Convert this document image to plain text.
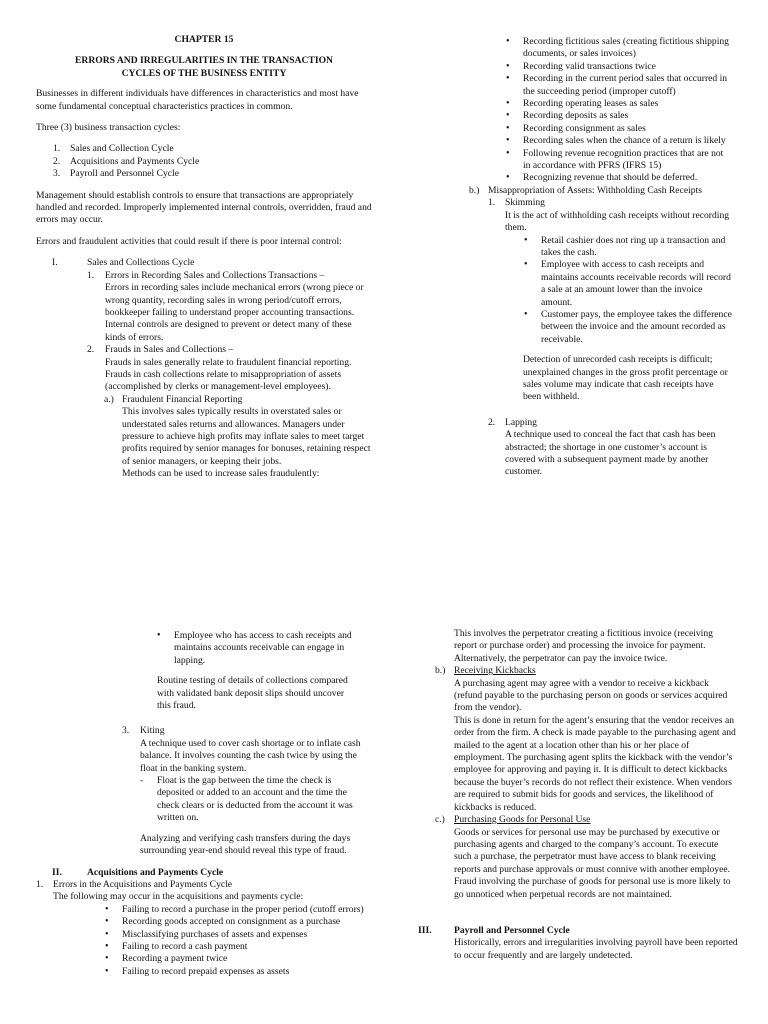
CHAPTER 15

ERRORS AND IRREGULARITIES IN THE TRANSACTION
CYCLES OF THE BUSINESS ENTITY

Businesses in different individuals have differences in characteristics and most have some fundamental conceptual characteristics practices in common.

Three (3) business transaction cycles:

1. Sales and Collection Cycle
2. Acquisitions and Payments Cycle
3. Payroll and Personnel Cycle

Management should establish controls to ensure that transactions are appropriately handled and recorded. Improperly implemented internal controls, overridden, fraud and errors may occur.

Errors and fraudulent activities that could result if there is poor internal control:

I.	Sales and Collections Cycle
1. Errors in Recording Sales and Collections Transactions –

Errors in recording sales include mechanical errors (wrong piece or wrong quantity, recording sales in wrong period/cutoff errors, bookkeeper failing to understand proper accounting transactions. Internal controls are designed to prevent or detect many of these kinds of errors.

2. Frauds in Sales and Collections –

Frauds in sales generally relate to fraudulent financial reporting. Frauds in cash collections relate to misappropriation of assets (accomplished by clerks or management-level employees).

a.) Fraudulent Financial Reporting

This involves sales typically results in overstated sales or understated sales returns and allowances. Managers under pressure to achieve high profits may inflate sales to meet target profits required by senior manages for bonuses, retaining respect of senior managers, or keeping their jobs.

Methods can be used to increase sales fraudulently:

• Recording fictitious sales (creating fictitious shipping documents, or sales invoices)
• Recording valid transactions twice
• Recording in the current period sales that occurred in the succeeding period (improper cutoff)
• Recording operating leases as sales
• Recording deposits as sales
• Recording consignment as sales
• Recording sales when the chance of a return is likely
• Following revenue recognition practices that are not in accordance with PFRS (IFRS 15)
• Recognizing revenue that should be deferred.
b.) Misappropriation of Assets: Withholding Cash Receipts

1. Skimming

It is the act of withholding cash receipts without recording them.

• Retail cashier does not ring up a transaction and takes the cash.
• Employee with access to cash receipts and maintains accounts receivable records will record a sale at an amount lower than the invoice amount.
• Customer pays, the employee takes the difference between the invoice and the amount recorded as receivable.

Detection of unrecorded cash receipts is difficult; unexplained changes in the gross profit percentage or sales volume may indicate that cash receipts have been withheld.

2. Lapping

A technique used to conceal the fact that cash has been abstracted; the shortage in one customer’s account is covered with a subsequent payment made by another customer.

• Employee who has access to cash receipts and maintains accounts receivable can engage in lapping.

Routine testing of details of collections compared with validated bank deposit slips should uncover this fraud.

3. Kiting

A technique used to cover cash shortage or to inflate cash balance. It involves counting the cash twice by using the float in the banking system.

- Float is the gap between the time the check is deposited or added to an account and the time the check clears or is deducted from the account it was written on.

Analyzing and verifying cash transfers during the days surrounding year-end should reveal this type of fraud.

II.	Acquisitions and Payments Cycle
1. Errors in the Acquisitions and Payments Cycle

The following may occur in the acquisitions and payments cycle:

• Failing to record a purchase in the proper period (cutoff errors)
• Recording goods accepted on consignment as a purchase
• Misclassifying purchases of assets and expenses
• Failing to record a cash payment
• Recording a payment twice
• Failing to record prepaid expenses as assets

This involves the perpetrator creating a fictitious invoice (receiving report or purchase order) and processing the invoice for payment. Alternatively, the perpetrator can pay the invoice twice.

b.) Receiving Kickbacks

A purchasing agent may agree with a vendor to receive a kickback (refund payable to the purchasing person on goods or services acquired from the vendor).

This is done in return for the agent’s ensuring that the vendor receives an order from the firm. A check is made payable to the purchasing agent and mailed to the agent at a location other than his or her place of employment. The purchasing agent splits the kickback with the vendor’s employee for approving and paying it. It is difficult to detect kickbacks because the buyer’s records do not reflect their existence. When vendors are required to submit bids for goods and services, the likelihood of kickbacks is reduced.

c.) Purchasing Goods for Personal Use

Goods or services for personal use may be purchased by executive or purchasing agents and charged to the company’s account. To execute such a purchase, the perpetrator must have access to blank receiving reports and purchase approvals or must connive with another employee. Fraud involving the purchase of goods for personal use is more likely to go unnoticed when perpetual records are not maintained.

III. Payroll and Personnel Cycle

Historically, errors and irregularities involving payroll have been reported to occur frequently and are largely undetected.
